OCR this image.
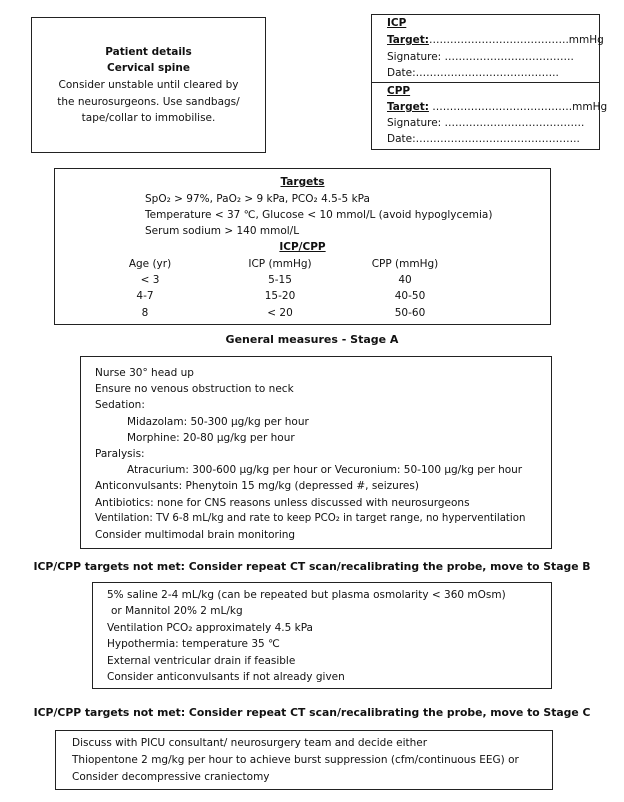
Patient details
Cervical spine
Consider unstable until cleared by
the neurosurgeons. Use sandbags/
tape/collar to immobilise.
ICP
Target:………………………………….mmHg
Signature: ……………………………….
Date:…………………………………..
CPP
Target: ………………………………….mmHg
Signature: ………………………………….
Date:………………………………………..
Targets
SpO₂ > 97%, PaO₂ > 9 kPa, PCO₂ 4.5-5 kPa
Temperature < 37 ℃, Glucose < 10 mmol/L (avoid hypoglycemia)
Serum sodium > 140 mmol/L
ICP/CPP
Age (yr)	ICP (mmHg)	CPP (mmHg)
< 3	5-15	40
4-7	15-20	40-50
8	< 20	50-60
General measures - Stage A
Nurse 30° head up
Ensure no venous obstruction to neck
Sedation:
Midazolam: 50-300 μg/kg per hour
Morphine: 20-80 μg/kg per hour
Paralysis:
Atracurium: 300-600 μg/kg per hour or Vecuronium: 50-100 μg/kg per hour
Anticonvulsants: Phenytoin 15 mg/kg (depressed #, seizures)
Antibiotics: none for CNS reasons unless discussed with neurosurgeons
Ventilation: TV 6-8 mL/kg and rate to keep PCO₂ in target range, no hyperventilation
Consider multimodal brain monitoring
ICP/CPP targets not met: Consider repeat CT scan/recalibrating the probe, move to Stage B
5% saline 2-4 mL/kg (can be repeated but plasma osmolarity < 360 mOsm)
or Mannitol 20% 2 mL/kg
Ventilation PCO₂ approximately 4.5 kPa
Hypothermia: temperature 35 ℃
External ventricular drain if feasible
Consider anticonvulsants if not already given
ICP/CPP targets not met: Consider repeat CT scan/recalibrating the probe, move to Stage C
Discuss with PICU consultant/ neurosurgery team and decide either
Thiopentone 2 mg/kg per hour to achieve burst suppression (cfm/continuous EEG) or
Consider decompressive craniectomy
